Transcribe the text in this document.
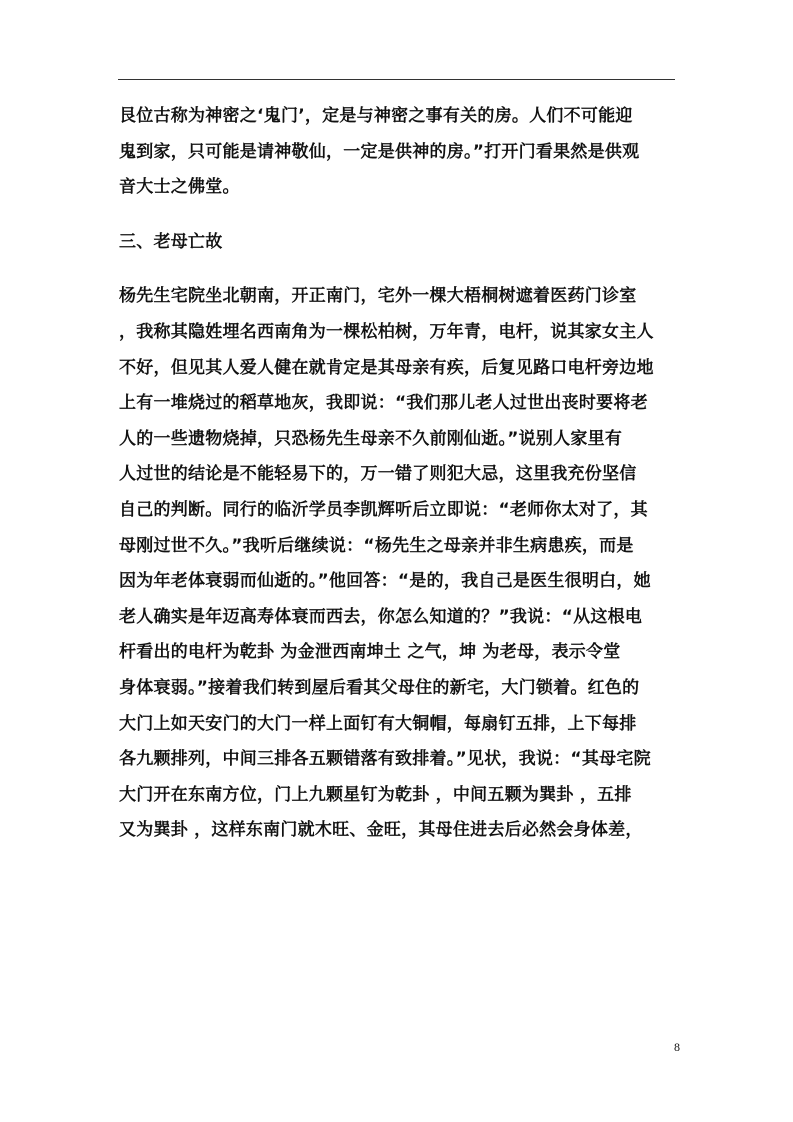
艮位古称为神密之‘鬼门’，定是与神密之事有关的房。人们不可能迎
鬼到家，只可能是请神敬仙，一定是供神的房。”打开门看果然是供观
音大士之佛堂。
三、老母亡故
杨先生宅院坐北朝南，开正南门，宅外一棵大梧桐树遮着医药门诊室
，我称其隐姓埋名西南角为一棵松柏树，万年青，电杆，说其家女主人
不好，但见其人爱人健在就肯定是其母亲有疾，后复见路口电杆旁边地
上有一堆烧过的稻草地灰，我即说：“我们那儿老人过世出丧时要将老
人的一些遗物烧掉，只恐杨先生母亲不久前刚仙逝。”说别人家里有
人过世的结论是不能轻易下的，万一错了则犯大忌，这里我充份坚信
自己的判断。同行的临沂学员李凯辉听后立即说：“老师你太对了，其
母刚过世不久。”我听后继续说：“杨先生之母亲并非生病患疾，而是
因为年老体衰弱而仙逝的。”他回答：“是的，我自己是医生很明白，她
老人确实是年迈高寿体衰而西去，你怎么知道的？”我说：“从这根电
杆看出的电杆为乾卦 为金泄西南坤土 之气，坤 为老母，表示令堂
身体衰弱。”接着我们转到屋后看其父母住的新宅，大门锁着。红色的
大门上如天安门的大门一样上面钉有大铜帽，每扇钉五排，上下每排
各九颗排列，中间三排各五颗错落有致排着。”见状，我说：“其母宅院
大门开在东南方位，门上九颗星钉为乾卦 ，中间五颗为巽卦 ，五排
又为巽卦 ，这样东南门就木旺、金旺，其母住进去后必然会身体差，
8
